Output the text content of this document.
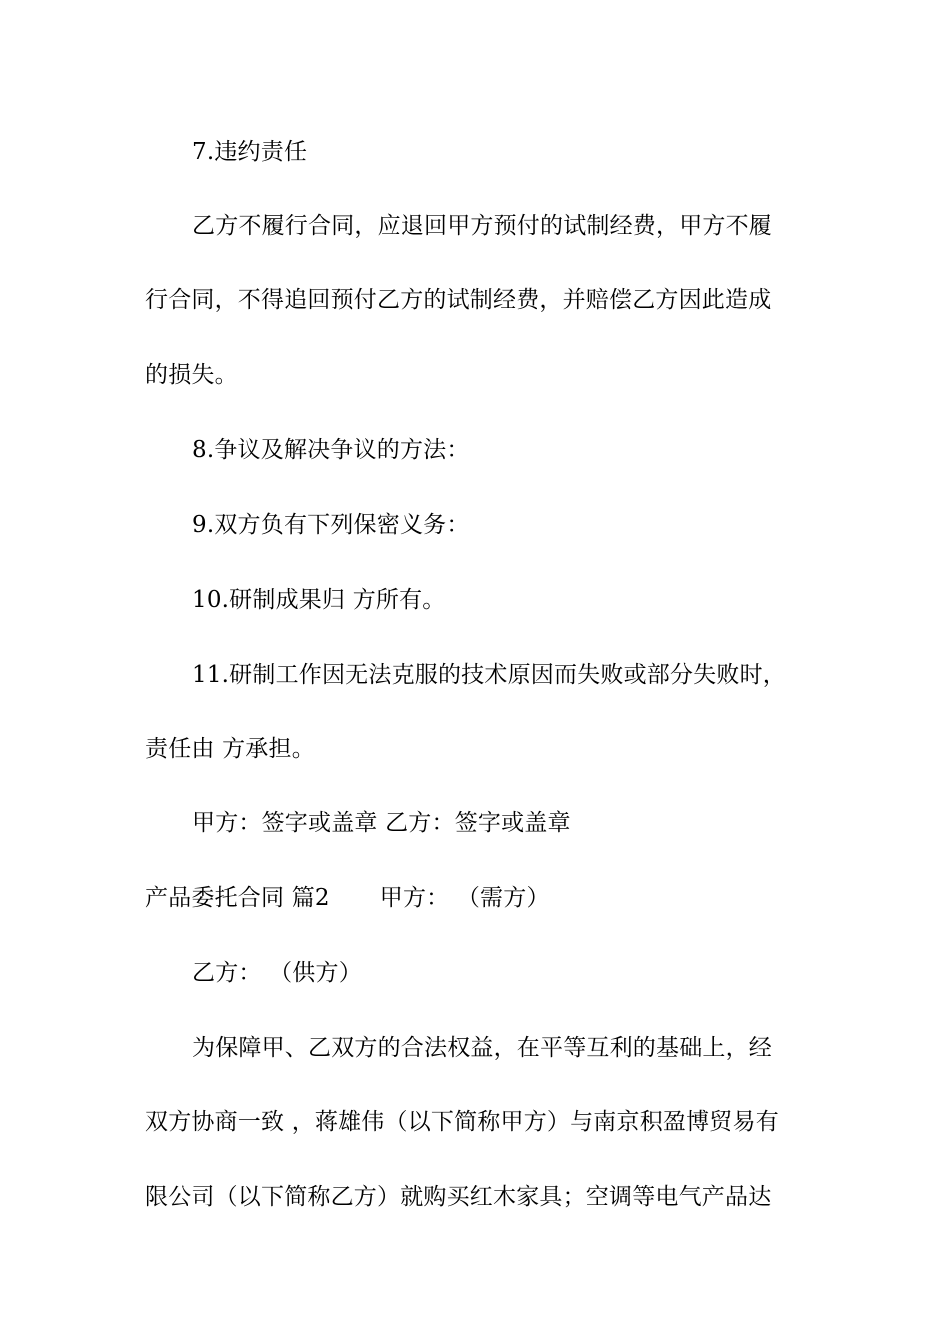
7.违约责任
乙方不履行合同，应退回甲方预付的试制经费，甲方不履
行合同，不得追回预付乙方的试制经费，并赔偿乙方因此造成
的损失。
8.争议及解决争议的方法：
9.双方负有下列保密义务：
10.研制成果归 方所有。
11.研制工作因无法克服的技术原因而失败或部分失败时，
责任由 方承担。
甲方：签字或盖章 乙方：签字或盖章
产品委托合同 篇2 甲方： （需方）
乙方： （供方）
为保障甲、乙双方的合法权益，在平等互利的基础上，经
双方协商一致 ，蒋雄伟（以下简称甲方）与南京积盈博贸易有
限公司（以下简称乙方）就购买红木家具；空调等电气产品达
